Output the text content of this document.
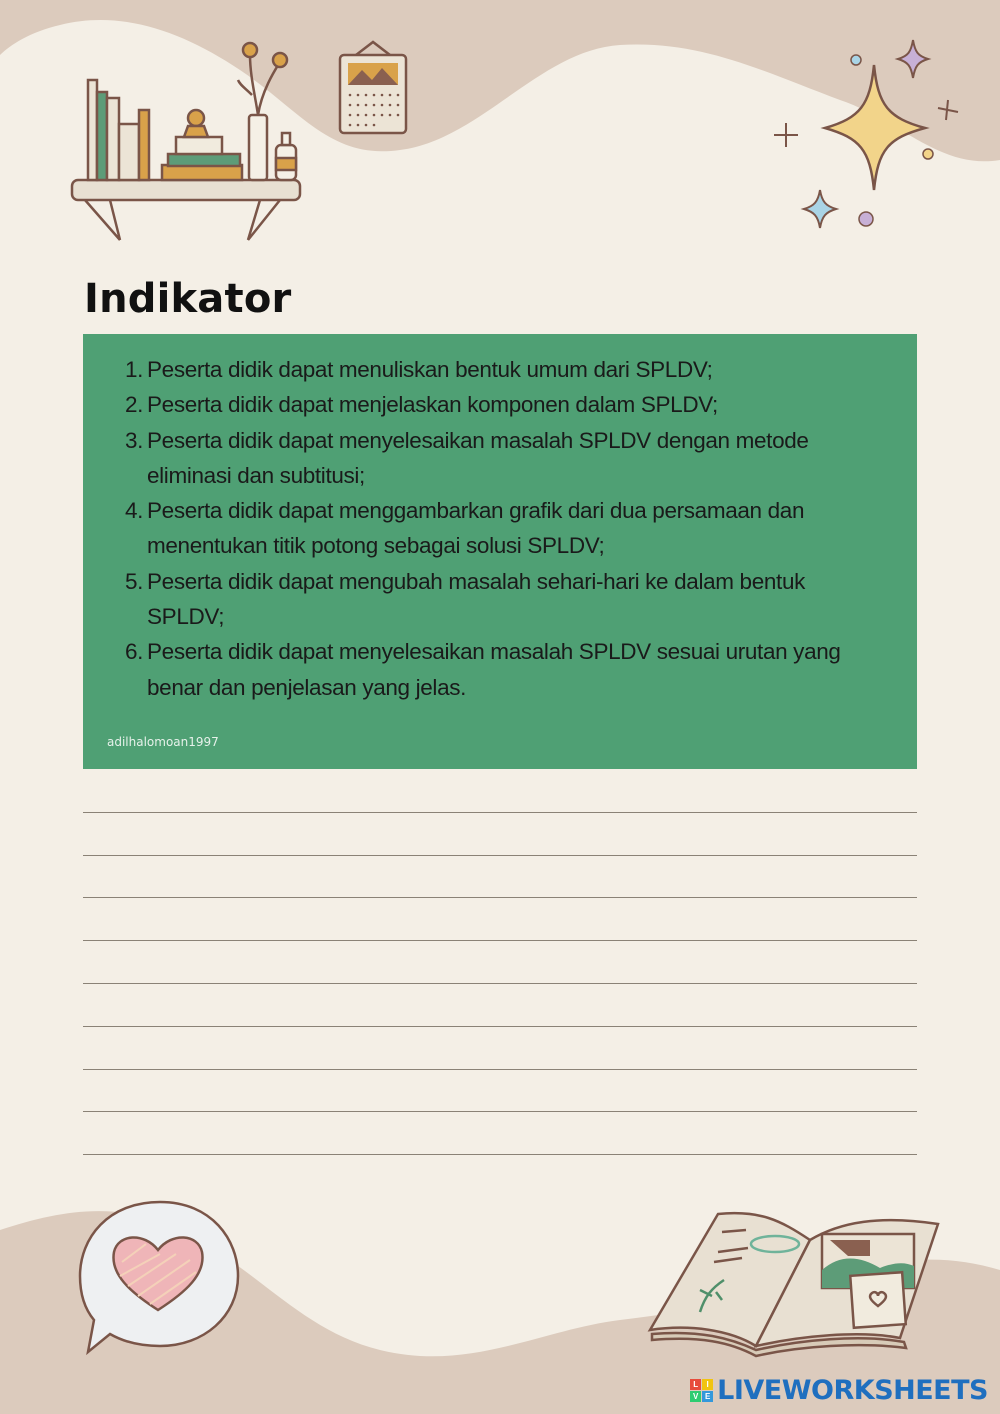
Indikator
1. Peserta didik dapat menuliskan bentuk umum dari SPLDV;
2. Peserta didik dapat menjelaskan komponen dalam SPLDV;
3. Peserta didik dapat menyelesaikan masalah SPLDV dengan metode eliminasi dan subtitusi;
4. Peserta didik dapat menggambarkan grafik dari dua persamaan dan menentukan titik potong sebagai solusi SPLDV;
5. Peserta didik dapat mengubah masalah sehari-hari ke dalam bentuk SPLDV;
6. Peserta didik dapat menyelesaikan masalah SPLDV sesuai urutan yang benar dan penjelasan yang jelas.
adilhalomoan1997
L	I
V E LIVEWORKSHEETS
